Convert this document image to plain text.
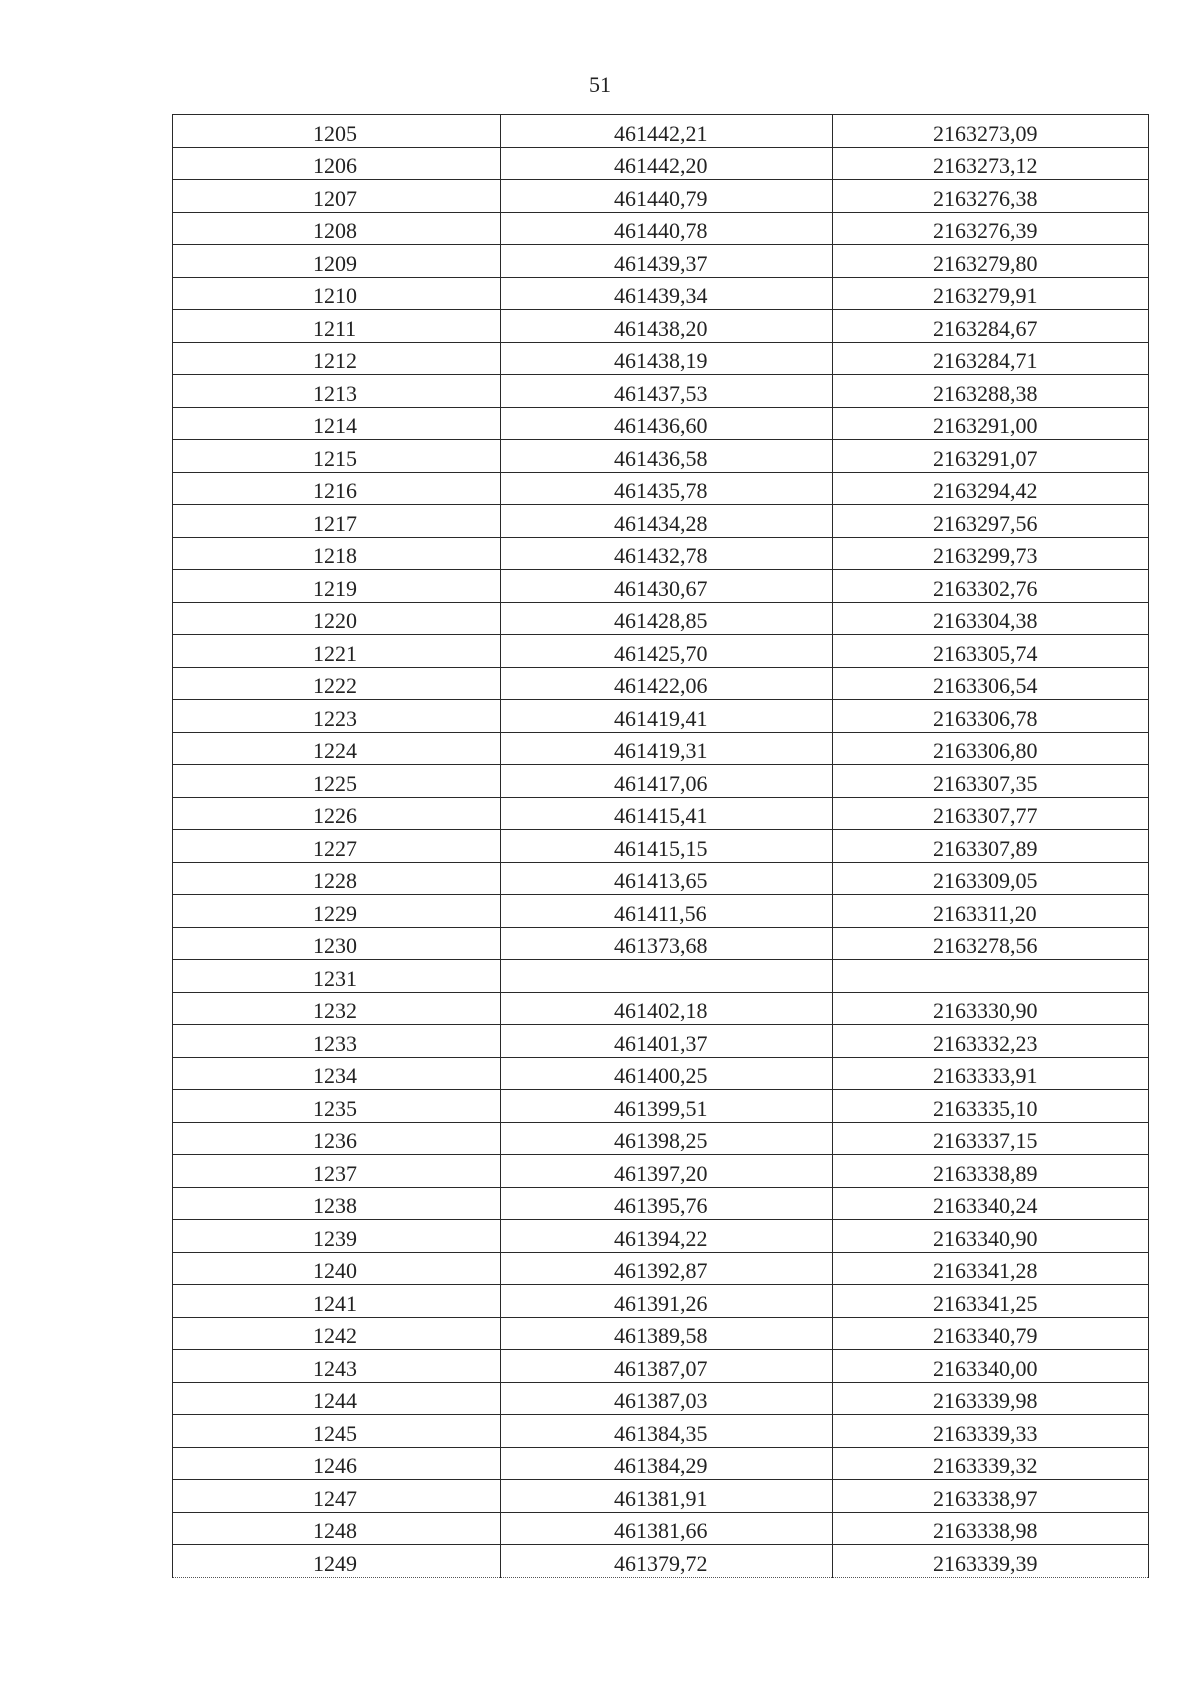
51
1205	461442,21	2163273,09

1206	461442,20	2163273,12

1207	461440,79	2163276,38

1208	461440,78	2163276,39

1209	461439,37	2163279,80

1210	461439,34	2163279,91

1211	461438,20	2163284,67

1212	461438,19	2163284,71

1213	461437,53	2163288,38

1214	461436,60	2163291,00

1215	461436,58	2163291,07

1216	461435,78	2163294,42

1217	461434,28	2163297,56

1218	461432,78	2163299,73

1219	461430,67	2163302,76

1220	461428,85	2163304,38

1221	461425,70	2163305,74

1222	461422,06	2163306,54

1223	461419,41	2163306,78

1224	461419,31	2163306,80

1225	461417,06	2163307,35

1226	461415,41	2163307,77

1227	461415,15	2163307,89

1228	461413,65	2163309,05

1229	461411,56	2163311,20

1230	461373,68	2163278,56

1231		

1232	461402,18	2163330,90

1233	461401,37	2163332,23

1234	461400,25	2163333,91

1235	461399,51	2163335,10

1236	461398,25	2163337,15

1237	461397,20	2163338,89

1238	461395,76	2163340,24

1239	461394,22	2163340,90

1240	461392,87	2163341,28

1241	461391,26	2163341,25

1242	461389,58	2163340,79

1243	461387,07	2163340,00

1244	461387,03	2163339,98

1245	461384,35	2163339,33

1246	461384,29	2163339,32

1247	461381,91	2163338,97

1248	461381,66	2163338,98

1249	461379,72	2163339,39
